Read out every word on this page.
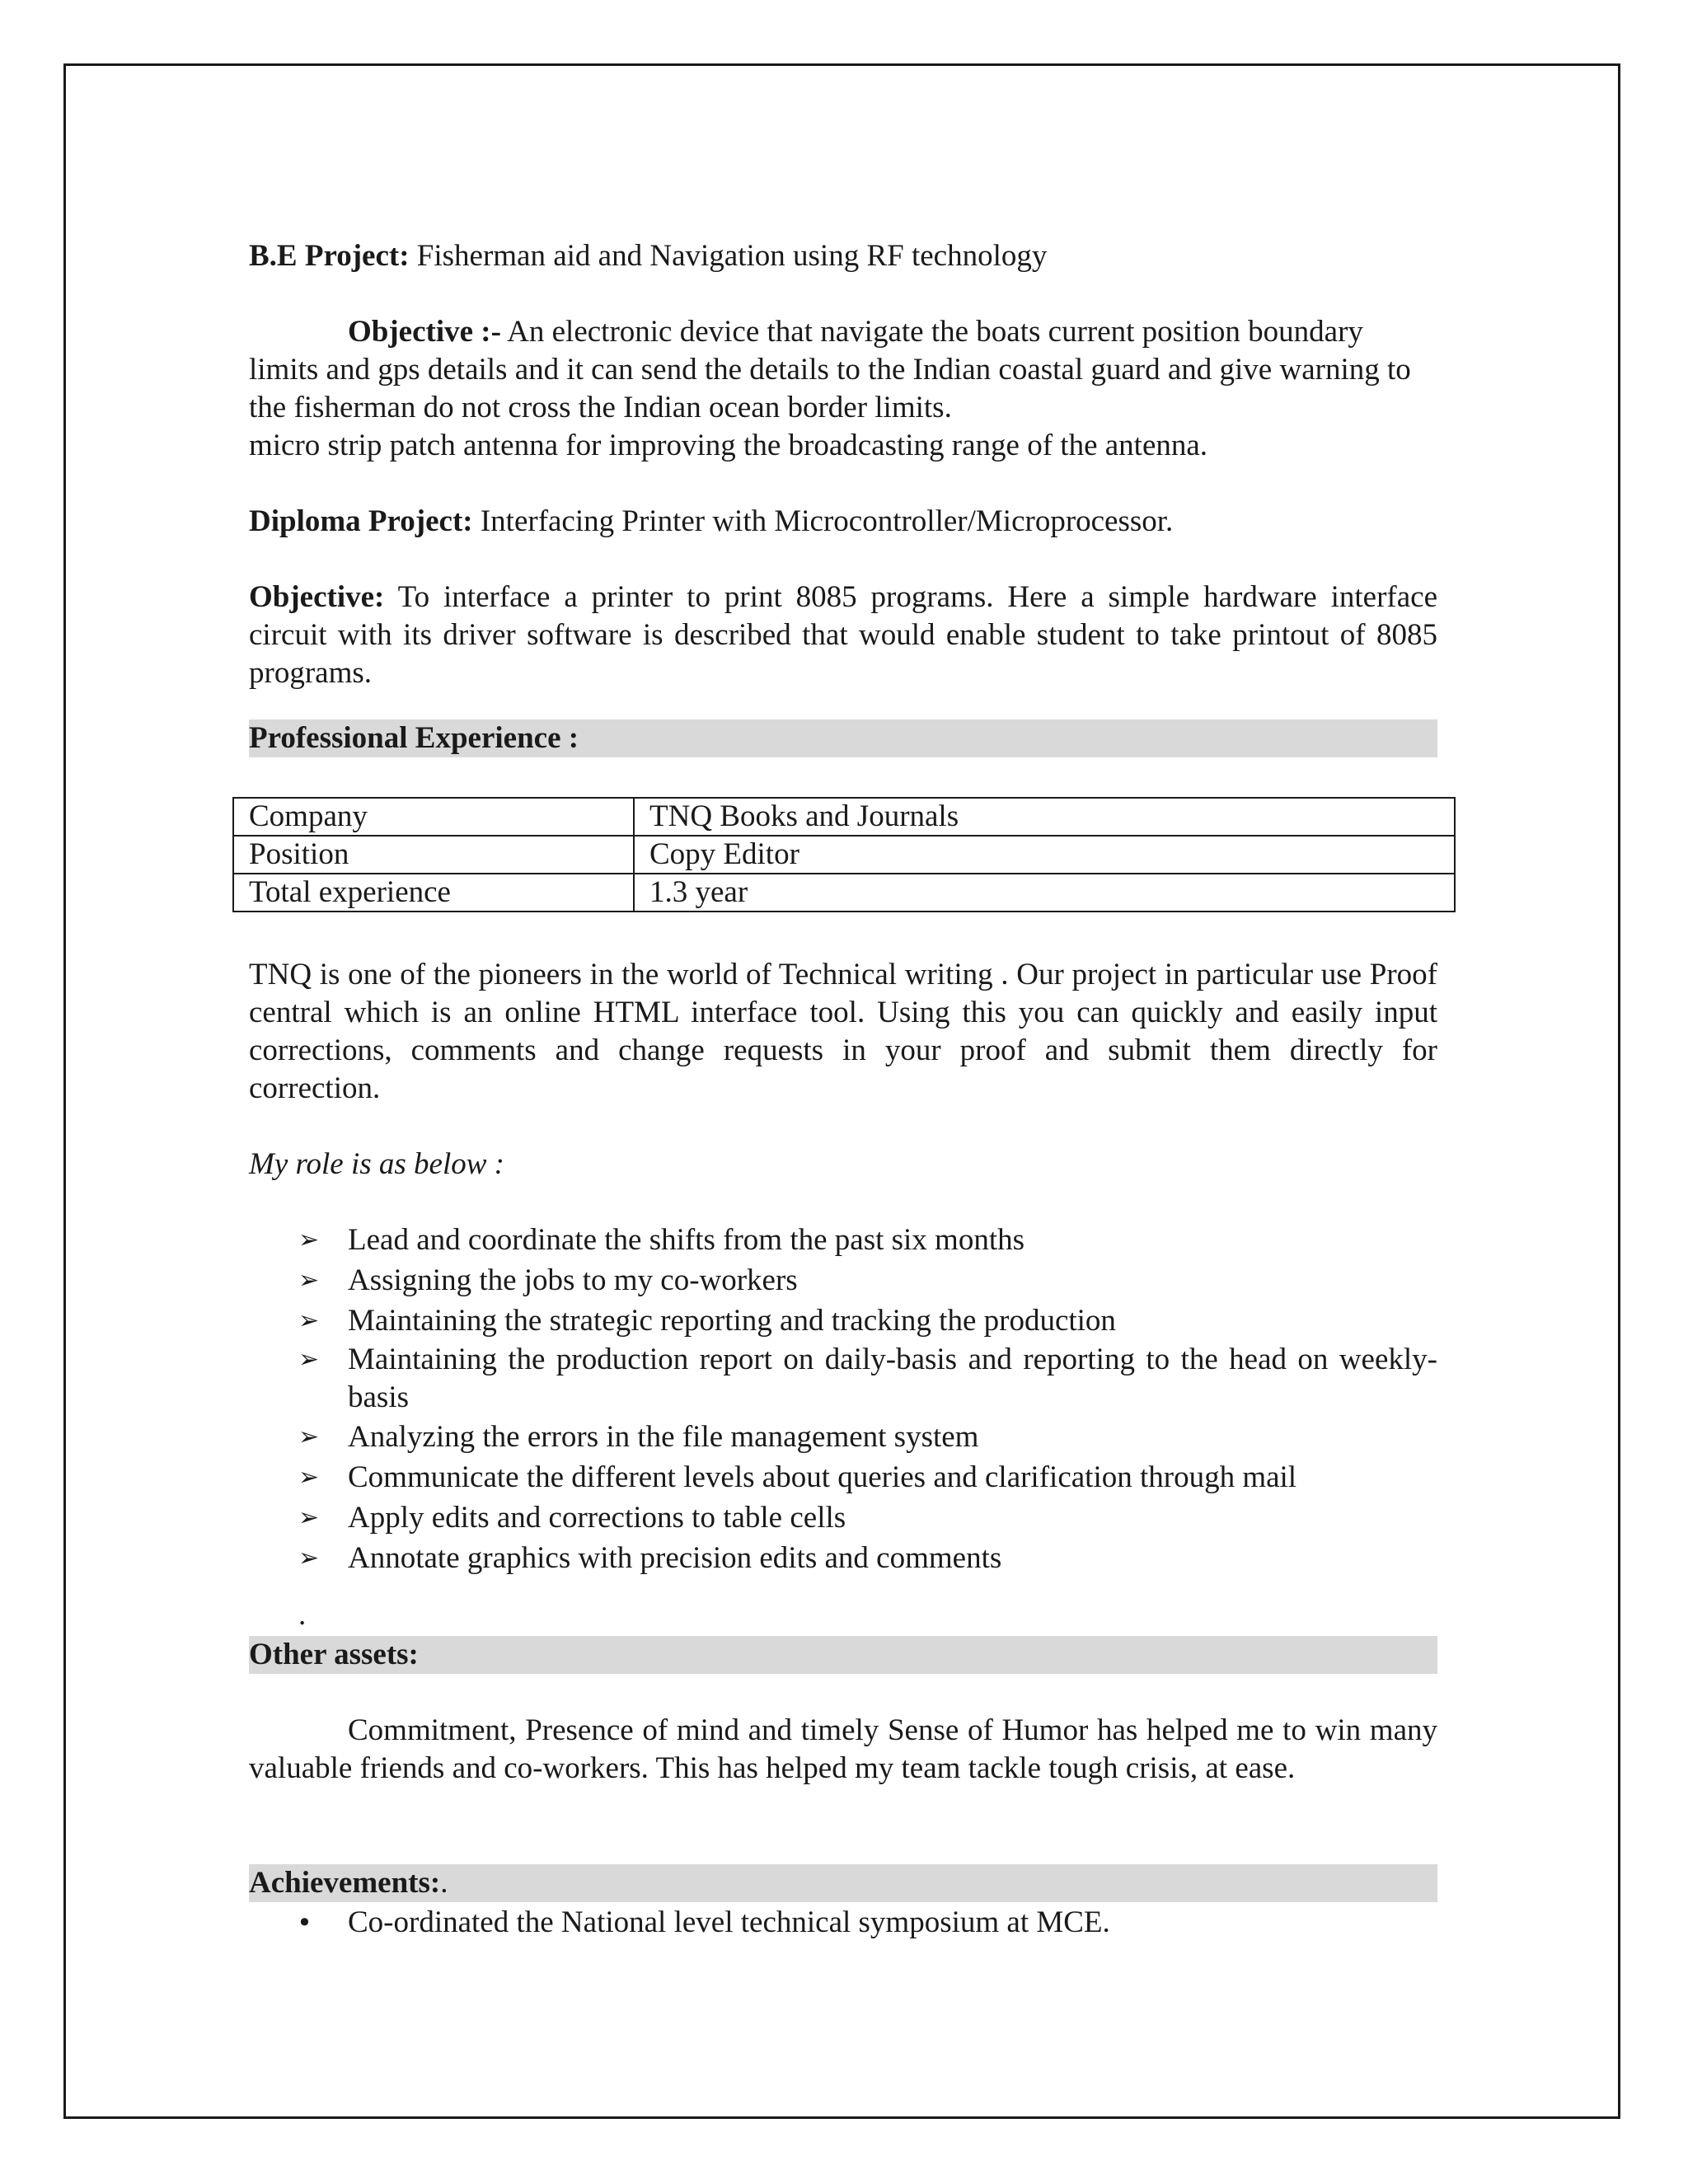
B.E Project: Fisherman aid and Navigation using RF technology
Objective :- An electronic device that navigate the boats current position boundary limits and gps details and it can send the details to the Indian coastal guard and give warning to the fisherman do not cross the Indian ocean border limits.
micro strip patch antenna for improving the broadcasting range of the antenna.
Diploma Project: Interfacing Printer with Microcontroller/Microprocessor.
Objective: To interface a printer to print 8085 programs. Here a simple hardware interface circuit with its driver software is described that would enable student to take printout of 8085 programs.
Professional Experience :
TNQ is one of the pioneers in the world of Technical writing . Our project in particular use Proof central which is an online HTML interface tool. Using this you can quickly and easily input corrections, comments and change requests in your proof and submit them directly for correction.
My role is as below :
➢ Lead and coordinate the shifts from the past six months
➢ Assigning the jobs to my co-workers
➢ Maintaining the strategic reporting and tracking the production
➢ Maintaining the production report on daily-basis and reporting to the head on weekly-basis
➢ Analyzing the errors in the file management system
➢ Communicate the different levels about queries and clarification through mail
➢ Apply edits and corrections to table cells
➢ Annotate graphics with precision edits and comments
.
Other assets:
Commitment, Presence of mind and timely Sense of Humor has helped me to win many valuable friends and co-workers. This has helped my team tackle tough crisis, at ease.
Achievements:.
• Co-ordinated the National level technical symposium at MCE.
Company	TNQ Books and Journals
Position	Copy Editor
Total experience	1.3 year
